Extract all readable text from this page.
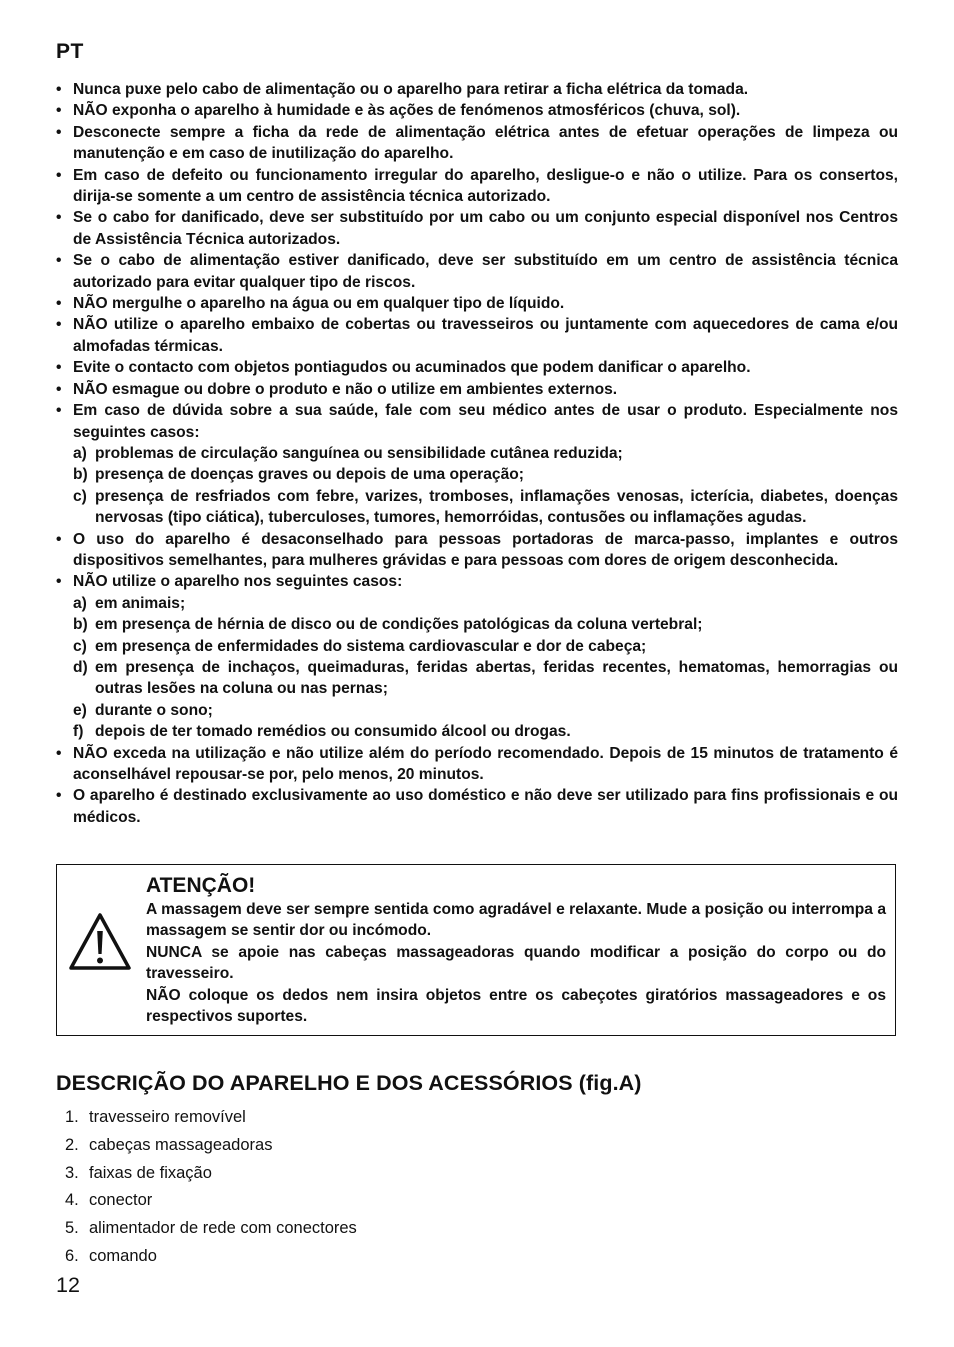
PT
• Nunca puxe pelo cabo de alimentação ou o aparelho para retirar a ficha elétrica da tomada.
• NÃO exponha o aparelho à humidade e às ações de fenómenos atmosféricos (chuva, sol).
• Desconecte sempre a ficha da rede de alimentação elétrica antes de efetuar operações de limpeza ou manutenção e em caso de inutilização do aparelho.
• Em caso de defeito ou funcionamento irregular do aparelho, desligue-o e não o utilize. Para os consertos, dirija-se somente a um centro de assistência técnica autorizado.
• Se o cabo for danificado, deve ser substituído por um cabo ou um conjunto especial disponível nos Centros de Assistência Técnica autorizados.
• Se o cabo de alimentação estiver danificado, deve ser substituído em um centro de assistência técnica autorizado para evitar qualquer tipo de riscos.
• NÃO mergulhe o aparelho na água ou em qualquer tipo de líquido.
• NÃO utilize o aparelho embaixo de cobertas ou travesseiros ou juntamente com aquecedores de cama e/ou almofadas térmicas.
• Evite o contacto com objetos pontiagudos ou acuminados que podem danificar o aparelho.
• NÃO esmague ou dobre o produto e não o utilize em ambientes externos.
• Em caso de dúvida sobre a sua saúde, fale com seu médico antes de usar o produto. Especialmente nos seguintes casos:
a) problemas de circulação sanguínea ou sensibilidade cutânea reduzida;
b) presença de doenças graves ou depois de uma operação;
c) presença de resfriados com febre, varizes, tromboses, inflamações venosas, icterícia, diabetes, doenças nervosas (tipo ciática), tuberculoses, tumores, hemorróidas, contusões ou inflamações agudas.
• O uso do aparelho é desaconselhado para pessoas portadoras de marca-passo, implantes e outros dispositivos semelhantes, para mulheres grávidas e para pessoas com dores de origem desconhecida.
• NÃO utilize o aparelho nos seguintes casos:
a) em animais;
b) em presença de hérnia de disco ou de condições patológicas da coluna vertebral;
c) em presença de enfermidades do sistema cardiovascular e dor de cabeça;
d) em presença de inchaços, queimaduras, feridas abertas, feridas recentes, hematomas, hemorragias ou outras lesões na coluna ou nas pernas;
e) durante o sono;
f) depois de ter tomado remédios ou consumido álcool ou drogas.
• NÃO exceda na utilização e não utilize além do período recomendado. Depois de 15 minutos de tratamento é aconselhável repousar-se por, pelo menos, 20 minutos.
• O aparelho é destinado exclusivamente ao uso doméstico e não deve ser utilizado para fins profissionais e ou médicos.
ATENÇÃO!

A massagem deve ser sempre sentida como agradável e relaxante. Mude a posição ou interrompa a massagem se sentir dor ou incómodo.

NUNCA se apoie nas cabeças massageadoras quando modificar a posição do corpo ou do travesseiro.

NÃO coloque os dedos nem insira objetos entre os cabeçotes giratórios massageadores e os respectivos suportes.

DESCRIÇÃO DO APARELHO E DOS ACESSÓRIOS (fig.A)
1. travesseiro removível
2. cabeças massageadoras
3. faixas de fixação
4. conector
5. alimentador de rede com conectores
6. comando
12
